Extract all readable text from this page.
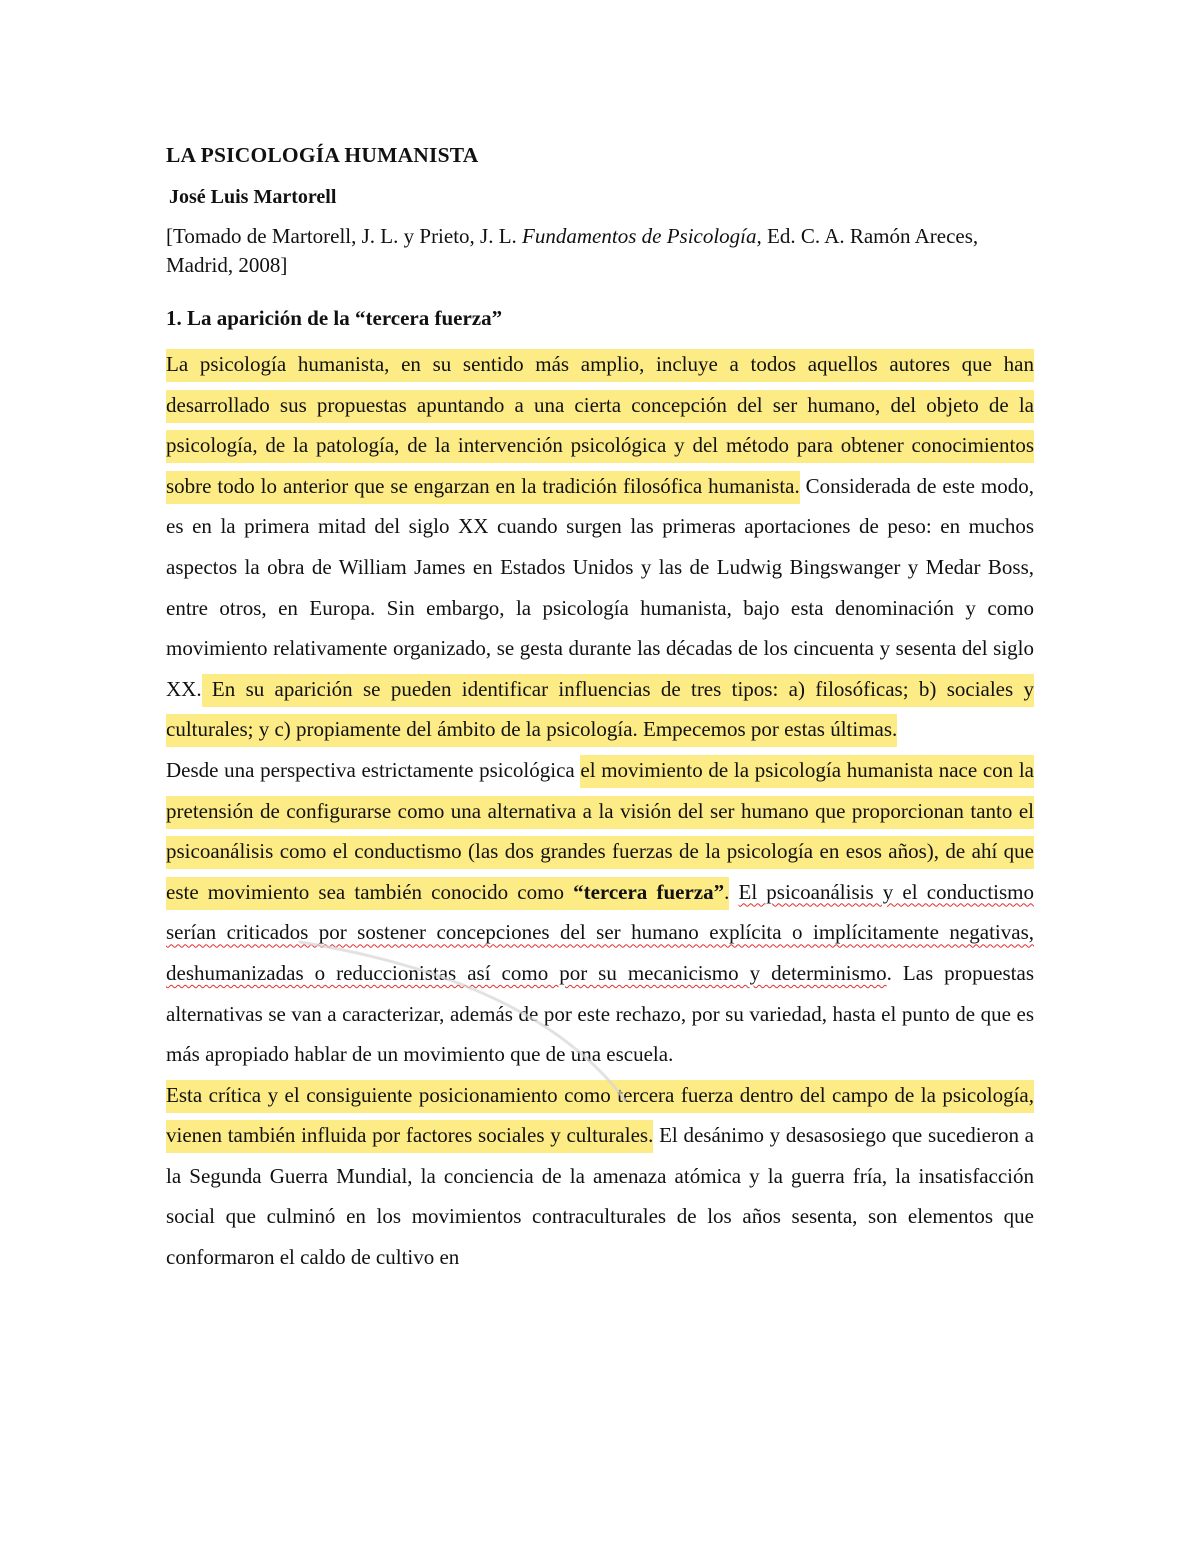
LA PSICOLOGÍA HUMANISTA

José Luis Martorell

[Tomado de Martorell, J. L. y Prieto, J. L. Fundamentos de Psicología, Ed. C. A. Ramón Areces, Madrid, 2008]

1. La aparición de la “tercera fuerza”

La psicología humanista, en su sentido más amplio, incluye a todos aquellos autores que han desarrollado sus propuestas apuntando a una cierta concepción del ser humano, del objeto de la psicología, de la patología, de la intervención psicológica y del método para obtener conocimientos sobre todo lo anterior que se engarzan en la tradición filosófica humanista. Considerada de este modo, es en la primera mitad del siglo XX cuando surgen las primeras aportaciones de peso: en muchos aspectos la obra de William James en Estados Unidos y las de Ludwig Bingswanger y Medar Boss, entre otros, en Europa. Sin embargo, la psicología humanista, bajo esta denominación y como movimiento relativamente organizado, se gesta durante las décadas de los cincuenta y sesenta del siglo XX. En su aparición se pueden identificar influencias de tres tipos: a) filosóficas; b) sociales y culturales; y c) propiamente del ámbito de la psicología. Empecemos por estas últimas.

Desde una perspectiva estrictamente psicológica el movimiento de la psicología humanista nace con la pretensión de configurarse como una alternativa a la visión del ser humano que proporcionan tanto el psicoanálisis como el conductismo (las dos grandes fuerzas de la psicología en esos años), de ahí que este movimiento sea también conocido como “tercera fuerza”. El psicoanálisis y el conductismo serían criticados por sostener concepciones del ser humano explícita o implícitamente negativas, deshumanizadas o reduccionistas así como por su mecanicismo y determinismo. Las propuestas alternativas se van a caracterizar, además de por este rechazo, por su variedad, hasta el punto de que es más apropiado hablar de un movimiento que de una escuela.

Esta crítica y el consiguiente posicionamiento como tercera fuerza dentro del campo de la psicología, vienen también influida por factores sociales y culturales. El desánimo y desasosiego que sucedieron a la Segunda Guerra Mundial, la conciencia de la amenaza atómica y la guerra fría, la insatisfacción social que culminó en los movimientos contraculturales de los años sesenta, son elementos que conformaron el caldo de cultivo en
